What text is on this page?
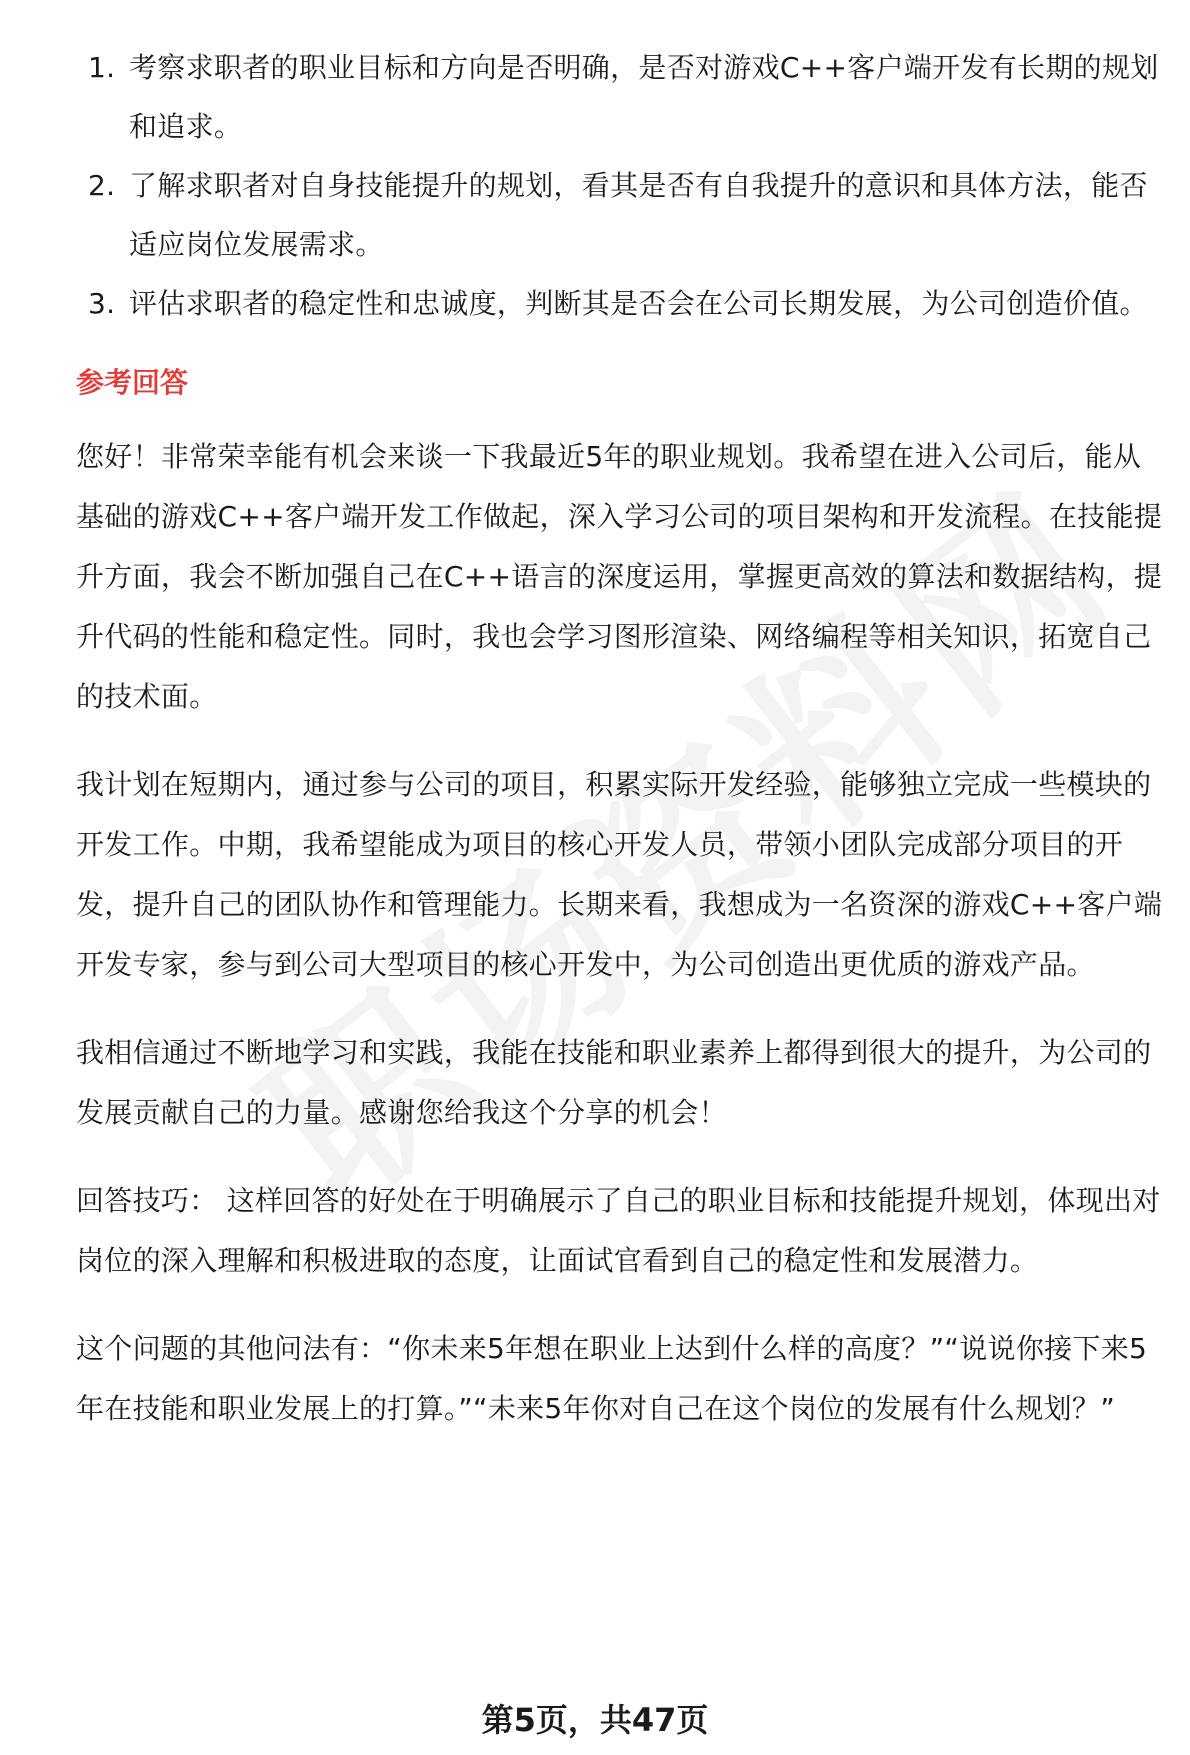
1. 考察求职者的职业目标和方向是否明确，是否对游戏C++客户端开发有长期的规划和追求。
2. 了解求职者对自身技能提升的规划，看其是否有自我提升的意识和具体方法，能否适应岗位发展需求。
3. 评估求职者的稳定性和忠诚度，判断其是否会在公司长期发展，为公司创造价值。
参考回答

您好！非常荣幸能有机会来谈一下我最近5年的职业规划。我希望在进入公司后，能从基础的游戏C++客户端开发工作做起，深入学习公司的项目架构和开发流程。在技能提升方面，我会不断加强自己在C++语言的深度运用，掌握更高效的算法和数据结构，提升代码的性能和稳定性。同时，我也会学习图形渲染、网络编程等相关知识，拓宽自己的技术面。

我计划在短期内，通过参与公司的项目，积累实际开发经验，能够独立完成一些模块的开发工作。中期，我希望能成为项目的核心开发人员，带领小团队完成部分项目的开发，提升自己的团队协作和管理能力。长期来看，我想成为一名资深的游戏C++客户端开发专家，参与到公司大型项目的核心开发中，为公司创造出更优质的游戏产品。

我相信通过不断地学习和实践，我能在技能和职业素养上都得到很大的提升，为公司的发展贡献自己的力量。感谢您给我这个分享的机会！

回答技巧： 这样回答的好处在于明确展示了自己的职业目标和技能提升规划，体现出对岗位的深入理解和积极进取的态度，让面试官看到自己的稳定性和发展潜力。

这个问题的其他问法有：“你未来5年想在职业上达到什么样的高度？”“说说你接下来5年在技能和职业发展上的打算。”“未来5年你对自己在这个岗位的发展有什么规划？”

第5页，共47页
